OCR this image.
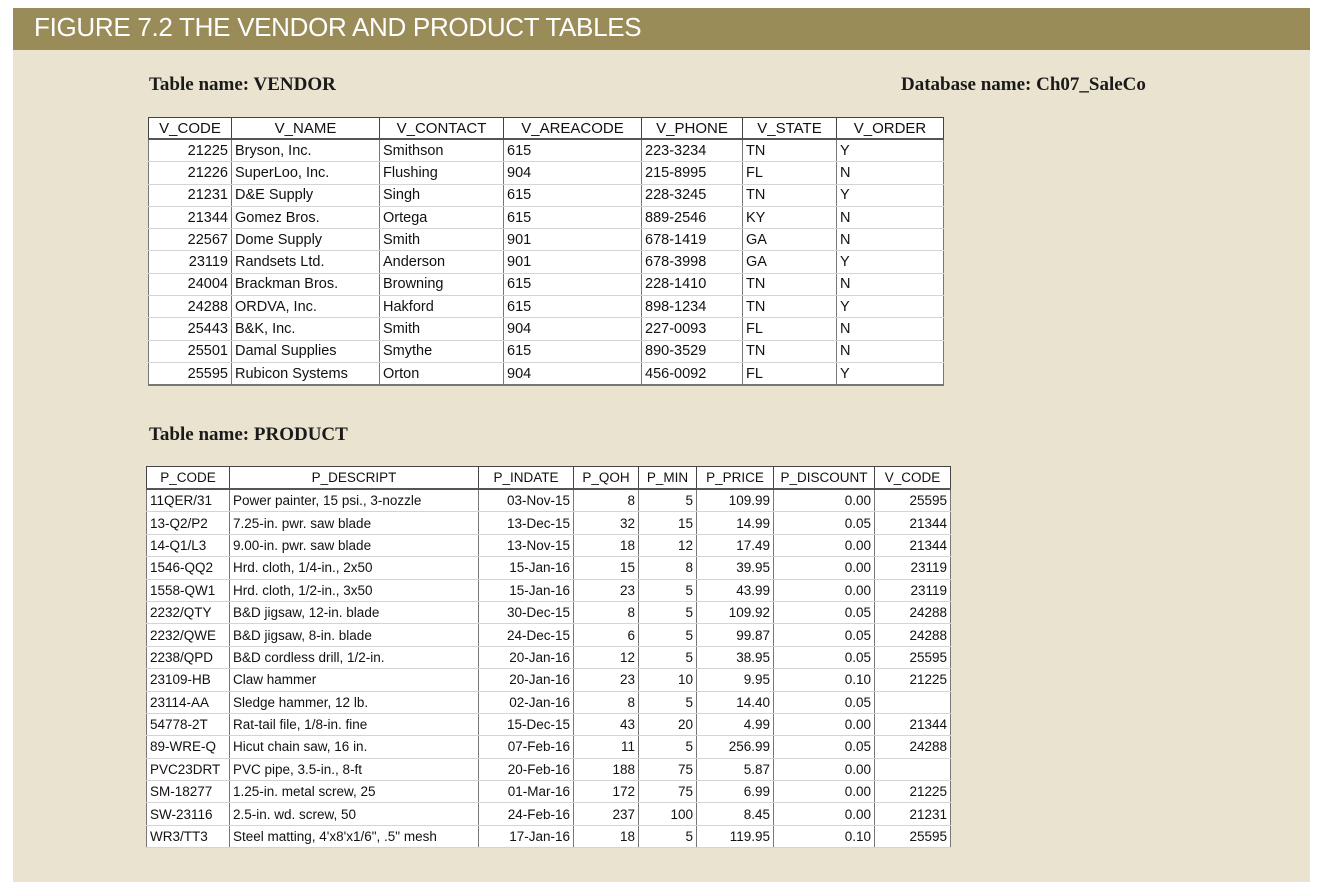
FIGURE 7.2 THE VENDOR AND PRODUCT TABLES
Table name: VENDOR	Database name: Ch07_SaleCo
V_CODE	V_NAME	V_CONTACT	V_AREACODE	V_PHONE	V_STATE	V_ORDER
21225	Bryson, Inc.	Smithson	615	223-3234	TN	Y
21226	SuperLoo, Inc.	Flushing	904	215-8995	FL	N
21231	D&E Supply	Singh	615	228-3245	TN	Y
21344	Gomez Bros.	Ortega	615	889-2546	KY	N
22567	Dome Supply	Smith	901	678-1419	GA	N
23119	Randsets Ltd.	Anderson	901	678-3998	GA	Y
24004	Brackman Bros.	Browning	615	228-1410	TN	N
24288	ORDVA, Inc.	Hakford	615	898-1234	TN	Y
25443	B&K, Inc.	Smith	904	227-0093	FL	N
25501	Damal Supplies	Smythe	615	890-3529	TN	N
25595	Rubicon Systems	Orton	904	456-0092	FL	Y
Table name: PRODUCT
P_CODE	P_DESCRIPT	P_INDATE	P_QOH	P_MIN	P_PRICE	P_DISCOUNT	V_CODE
11QER/31	Power painter, 15 psi., 3-nozzle	03-Nov-15	8	5	109.99	0.00	25595
13-Q2/P2	7.25-in. pwr. saw blade	13-Dec-15	32	15	14.99	0.05	21344
14-Q1/L3	9.00-in. pwr. saw blade	13-Nov-15	18	12	17.49	0.00	21344
1546-QQ2	Hrd. cloth, 1/4-in., 2x50	15-Jan-16	15	8	39.95	0.00	23119
1558-QW1	Hrd. cloth, 1/2-in., 3x50	15-Jan-16	23	5	43.99	0.00	23119
2232/QTY	B&D jigsaw, 12-in. blade	30-Dec-15	8	5	109.92	0.05	24288
2232/QWE	B&D jigsaw, 8-in. blade	24-Dec-15	6	5	99.87	0.05	24288
2238/QPD	B&D cordless drill, 1/2-in.	20-Jan-16	12	5	38.95	0.05	25595
23109-HB	Claw hammer	20-Jan-16	23	10	9.95	0.10	21225
23114-AA	Sledge hammer, 12 lb.	02-Jan-16	8	5	14.40	0.05	
54778-2T	Rat-tail file, 1/8-in. fine	15-Dec-15	43	20	4.99	0.00	21344
89-WRE-Q	Hicut chain saw, 16 in.	07-Feb-16	11	5	256.99	0.05	24288
PVC23DRT	PVC pipe, 3.5-in., 8-ft	20-Feb-16	188	75	5.87	0.00	
SM-18277	1.25-in. metal screw, 25	01-Mar-16	172	75	6.99	0.00	21225
SW-23116	2.5-in. wd. screw, 50	24-Feb-16	237	100	8.45	0.00	21231
WR3/TT3	Steel matting, 4'x8'x1/6", .5" mesh	17-Jan-16	18	5	119.95	0.10	25595
